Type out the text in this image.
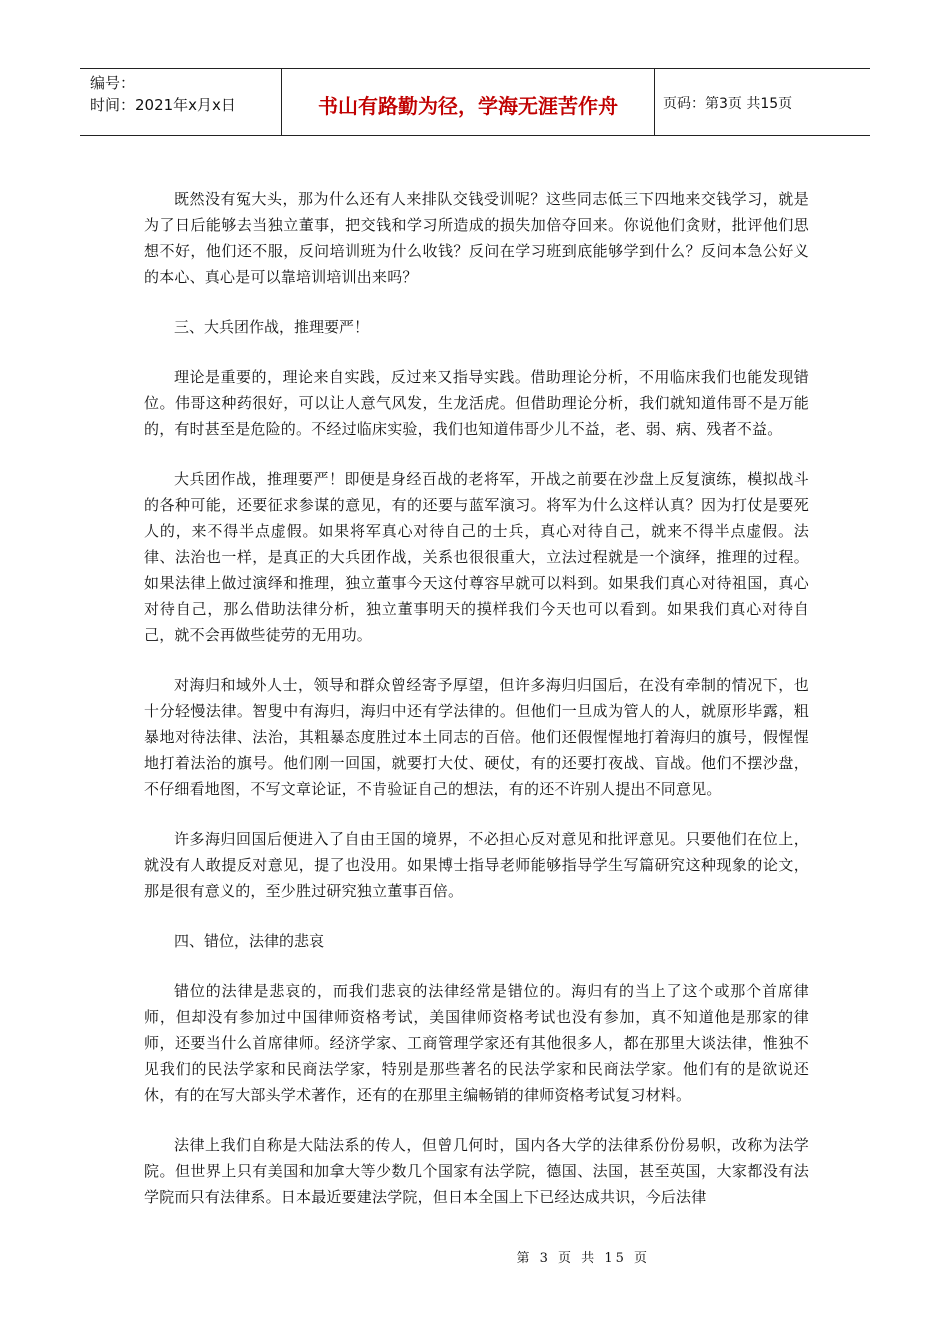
编号：
时间：2021年x月x日	书山有路勤为径，学海无涯苦作舟	页码：第3页 共15页

既然没有冤大头，那为什么还有人来排队交钱受训呢？这些同志低三下四地来交钱学习，就是为了日后能够去当独立董事，把交钱和学习所造成的损失加倍夺回来。你说他们贪财，批评他们思想不好，他们还不服，反问培训班为什么收钱？反问在学习班到底能够学到什么？反问本急公好义的本心、真心是可以靠培训培训出来吗？

三、大兵团作战，推理要严！

理论是重要的，理论来自实践，反过来又指导实践。借助理论分析，不用临床我们也能发现错位。伟哥这种药很好，可以让人意气风发，生龙活虎。但借助理论分析，我们就知道伟哥不是万能的，有时甚至是危险的。不经过临床实验，我们也知道伟哥少儿不益，老、弱、病、残者不益。

大兵团作战，推理要严！即便是身经百战的老将军，开战之前要在沙盘上反复演练，模拟战斗的各种可能，还要征求参谋的意见，有的还要与蓝军演习。将军为什么这样认真？因为打仗是要死人的，来不得半点虚假。如果将军真心对待自己的士兵，真心对待自己，就来不得半点虚假。法律、法治也一样，是真正的大兵团作战，关系也很很重大，立法过程就是一个演绎，推理的过程。如果法律上做过演绎和推理，独立董事今天这付尊容早就可以料到。如果我们真心对待祖国，真心对待自己，那么借助法律分析，独立董事明天的摸样我们今天也可以看到。如果我们真心对待自己，就不会再做些徒劳的无用功。

对海归和域外人士，领导和群众曾经寄予厚望，但许多海归归国后，在没有牵制的情况下，也十分轻慢法律。智叟中有海归，海归中还有学法律的。但他们一旦成为管人的人，就原形毕露，粗暴地对待法律、法治，其粗暴态度胜过本土同志的百倍。他们还假惺惺地打着海归的旗号，假惺惺地打着法治的旗号。他们刚一回国，就要打大仗、硬仗，有的还要打夜战、盲战。他们不摆沙盘，不仔细看地图，不写文章论证，不肯验证自己的想法，有的还不许别人提出不同意见。

许多海归回国后便进入了自由王国的境界，不必担心反对意见和批评意见。只要他们在位上，就没有人敢提反对意见，提了也没用。如果博士指导老师能够指导学生写篇研究这种现象的论文，那是很有意义的，至少胜过研究独立董事百倍。

四、错位，法律的悲哀

错位的法律是悲哀的，而我们悲哀的法律经常是错位的。海归有的当上了这个或那个首席律师，但却没有参加过中国律师资格考试，美国律师资格考试也没有参加，真不知道他是那家的律师，还要当什么首席律师。经济学家、工商管理学家还有其他很多人，都在那里大谈法律，惟独不见我们的民法学家和民商法学家，特别是那些著名的民法学家和民商法学家。他们有的是欲说还休，有的在写大部头学术著作，还有的在那里主编畅销的律师资格考试复习材料。

法律上我们自称是大陆法系的传人，但曾几何时，国内各大学的法律系份份易帜，改称为法学院。但世界上只有美国和加拿大等少数几个国家有法学院，德国、法国，甚至英国，大家都没有法学院而只有法律系。日本最近要建法学院，但日本全国上下已经达成共识，今后法律

第 3 页 共 15 页
